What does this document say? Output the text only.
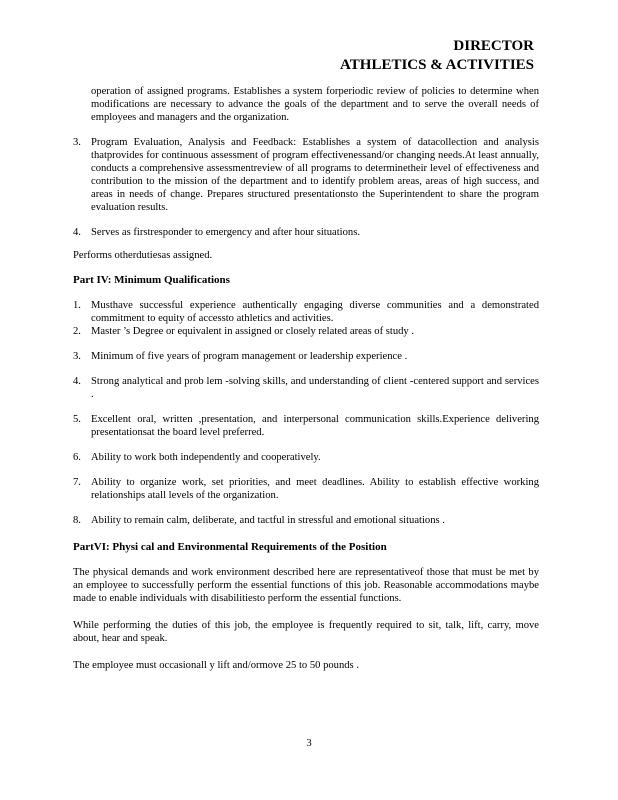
DIRECTOR
ATHLETICS & ACTIVITIES

operation of assigned programs. Establishes a system forperiodic review of policies to determine when modifications are necessary to advance the goals of the department and to serve the overall needs of employees and managers and the organization.

3. Program Evaluation, Analysis and Feedback: Establishes a system of datacollection and analysis thatprovides for continuous assessment of program effectivenessand/or changing needs.At least annually, conducts a comprehensive assessmentreview of all programs to determinetheir level of effectiveness and contribution to the mission of the department and to identify problem areas, areas of high success, and areas in needs of change. Prepares structured presentationsto the Superintendent to share the program evaluation results.
4. Serves as firstresponder to emergency and after hour situations.

Performs otherdutiesas assigned.

Part IV: Minimum Qualifications

1. Musthave successful experience authentically engaging diverse communities and a demonstrated commitment to equity of accessto athletics and activities.
2. Master ’s Degree or equivalent in assigned or closely related areas of study .
3. Minimum of five years of program management or leadership experience .
4. Strong analytical and prob lem -solving skills, and understanding of client -centered support and services .
5. Excellent oral, written ,presentation, and interpersonal communication skills.Experience delivering presentationsat the board level preferred.
6. Ability to work both independently and cooperatively.
7. Ability to organize work, set priorities, and meet deadlines. Ability to establish effective working relationships atall levels of the organization.
8. Ability to remain calm, deliberate, and tactful in stressful and emotional situations .

PartVI: Physi cal and Environmental Requirements of the Position

The physical demands and work environment described here are representativeof those that must be met by an employee to successfully perform the essential functions of this job. Reasonable accommodations maybe made to enable individuals with disabilitiesto perform the essential functions.

While performing the duties of this job, the employee is frequently required to sit, talk, lift, carry, move about, hear and speak.

The employee must occasionall y lift and/ormove 25 to 50 pounds .

3
